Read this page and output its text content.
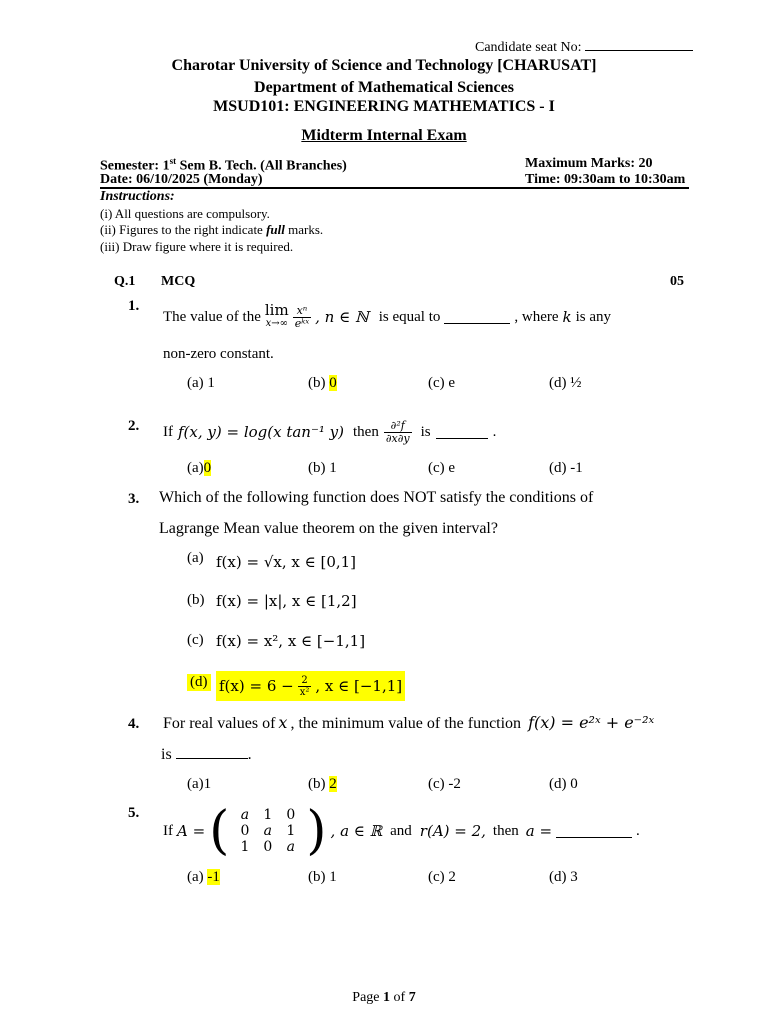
Candidate seat No:
Charotar University of Science and Technology [CHARUSAT]
Department of Mathematical Sciences
MSUD101: ENGINEERING MATHEMATICS - I
Midterm Internal Exam
Semester: 1st Sem B. Tech. (All Branches)	Maximum Marks: 20
Date: 06/10/2025 (Monday)	Time: 09:30am to 10:30am
Instructions:
(i) All questions are compulsory.
(ii) Figures to the right indicate full marks.
(iii) Draw figure where it is required.
Q.1 MCQ	05
1.
The value of the lim
$x\to\infty \frac{\text{xⁿ}}{\text{eᵏˣ}}$ , n ∈ ℕ is equal to	, where k is any
non-zero constant.
(a) 1	(b) 0	(c) e	(d) ½
2. If f(x, y) = log(x tan⁻¹ y) then $\frac{\text{∂²f}}{\partial x\partial y}$ is	.
(a)0	(b) 1	(c) e	(d) -1
3. Which of the following function does NOT satisfy the conditions of
Lagrange Mean value theorem on the given interval?
(a) f(x) = √x, x ∈ [0,1]
(b) f(x) = |x|, x ∈ [1,2]
(c) f(x) = x², x ∈ [−1,1]
(d) $f(x) = 6 - \frac{2}{\text{x²}}$ , x ∈ [−1,1]
4. For real values of x , the minimum value of the function f(x) = e²ˣ + e⁻²ˣ
is	.
(a)1	(b) 2	(c) -2	(d) 0
5.
If A = ( a	1	0
0	a	1
1	0	a ) , a ∈ ℝ and r(A) = 2, then a =	.
(a) -1	(b) 1	(c) 2	(d) 3
Page 1 of 7
